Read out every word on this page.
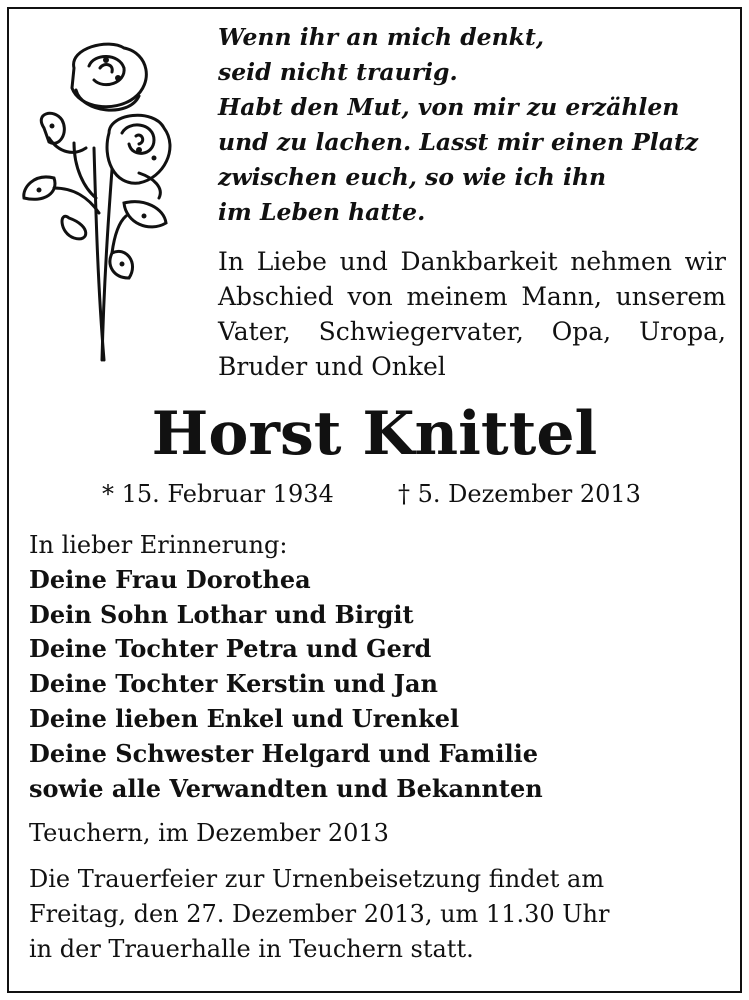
Wenn ihr an mich denkt,
seid nicht traurig.
Habt den Mut, von mir zu erzählen
und zu lachen. Lasst mir einen Platz
zwischen euch, so wie ich ihn
im Leben hatte.
In Liebe und Dankbarkeit nehmen wir Abschied von meinem Mann, unserem Vater, Schwiegervater, Opa, Uropa, Bruder und Onkel
Horst Knittel
* 15. Februar 1934	† 5. Dezember 2013
In lieber Erinnerung:
Deine Frau Dorothea
Dein Sohn Lothar und Birgit
Deine Tochter Petra und Gerd
Deine Tochter Kerstin und Jan
Deine lieben Enkel und Urenkel
Deine Schwester Helgard und Familie
sowie alle Verwandten und Bekannten
Teuchern, im Dezember 2013
Die Trauerfeier zur Urnenbeisetzung findet am
Freitag, den 27. Dezember 2013, um 11.30 Uhr
in der Trauerhalle in Teuchern statt.
